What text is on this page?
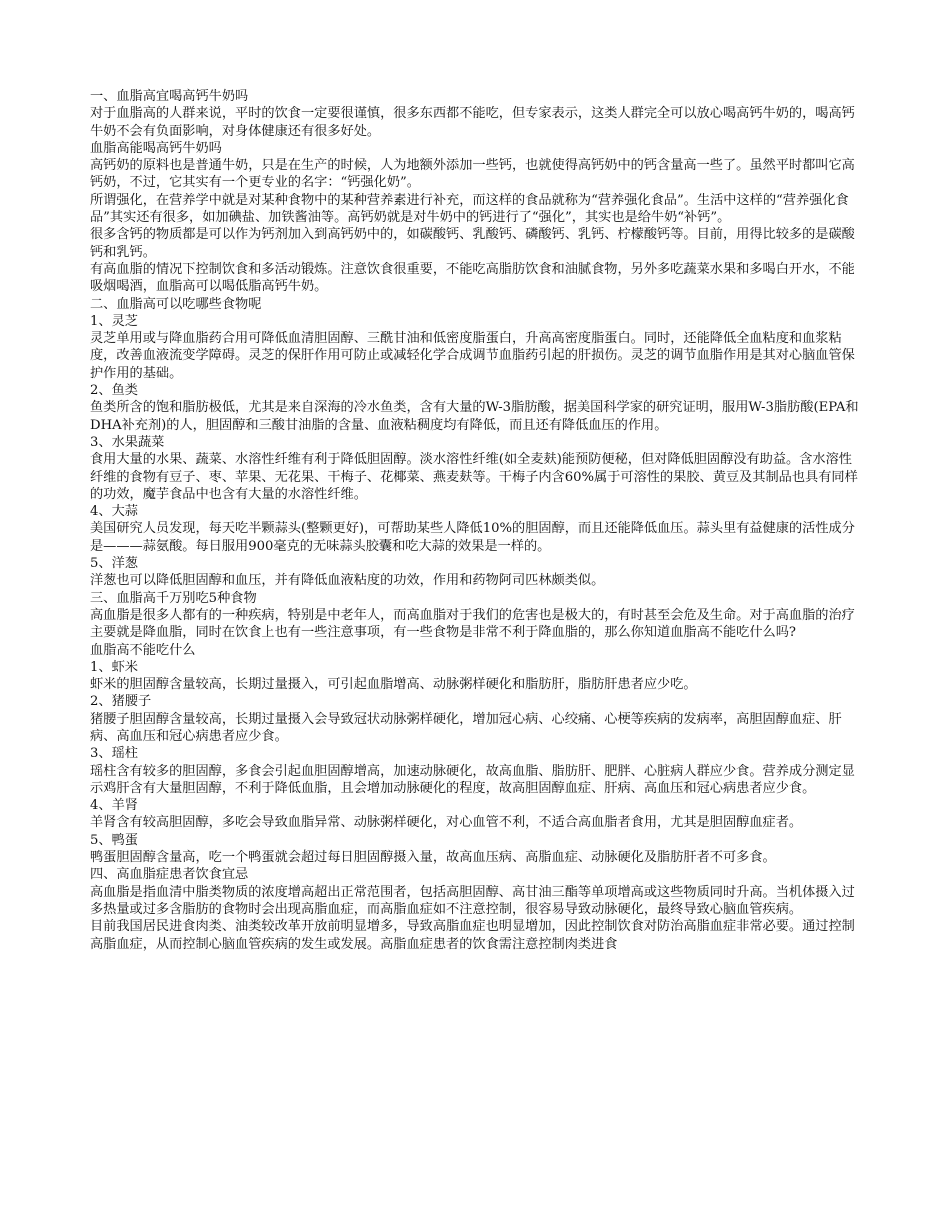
一、血脂高宜喝高钙牛奶吗

对于血脂高的人群来说，平时的饮食一定要很谨慎，很多东西都不能吃，但专家表示，这类人群完全可以放心喝高钙牛奶的，喝高钙牛奶不会有负面影响，对身体健康还有很多好处。

血脂高能喝高钙牛奶吗

高钙奶的原料也是普通牛奶，只是在生产的时候，人为地额外添加一些钙，也就使得高钙奶中的钙含量高一些了。虽然平时都叫它高钙奶，不过，它其实有一个更专业的名字：“钙强化奶”。

所谓强化，在营养学中就是对某种食物中的某种营养素进行补充，而这样的食品就称为“营养强化食品”。生活中这样的“营养强化食品”其实还有很多，如加碘盐、加铁酱油等。高钙奶就是对牛奶中的钙进行了“强化”，其实也是给牛奶“补钙”。

很多含钙的物质都是可以作为钙剂加入到高钙奶中的，如碳酸钙、乳酸钙、磷酸钙、乳钙、柠檬酸钙等。目前，用得比较多的是碳酸钙和乳钙。

有高血脂的情况下控制饮食和多活动锻炼。注意饮食很重要，不能吃高脂肪饮食和油腻食物，另外多吃蔬菜水果和多喝白开水，不能吸烟喝酒，血脂高可以喝低脂高钙牛奶。

二、血脂高可以吃哪些食物呢

1、灵芝

灵芝单用或与降血脂药合用可降低血清胆固醇、三酰甘油和低密度脂蛋白，升高高密度脂蛋白。同时，还能降低全血粘度和血浆粘度，改善血液流变学障碍。灵芝的保肝作用可防止或减轻化学合成调节血脂药引起的肝损伤。灵芝的调节血脂作用是其对心脑血管保护作用的基础。

2、鱼类

鱼类所含的饱和脂肪极低，尤其是来自深海的冷水鱼类，含有大量的W-3脂肪酸，据美国科学家的研究证明，服用W-3脂肪酸(EPA和DHA补充剂)的人，胆固醇和三酸甘油脂的含量、血液粘稠度均有降低，而且还有降低血压的作用。

3、水果蔬菜

食用大量的水果、蔬菜、水溶性纤维有利于降低胆固醇。淡水溶性纤维(如全麦麸)能预防便秘，但对降低胆固醇没有助益。含水溶性纤维的食物有豆子、枣、苹果、无花果、干梅子、花椰菜、燕麦麸等。干梅子内含60%属于可溶性的果胶、黄豆及其制品也具有同样的功效，魔芋食品中也含有大量的水溶性纤维。

4、大蒜

美国研究人员发现，每天吃半颗蒜头(整颗更好)，可帮助某些人降低10%的胆固醇，而且还能降低血压。蒜头里有益健康的活性成分是———蒜氨酸。每日服用900毫克的无味蒜头胶囊和吃大蒜的效果是一样的。

5、洋葱

洋葱也可以降低胆固醇和血压，并有降低血液粘度的功效，作用和药物阿司匹林颇类似。

三、血脂高千万别吃5种食物

高血脂是很多人都有的一种疾病，特别是中老年人，而高血脂对于我们的危害也是极大的，有时甚至会危及生命。对于高血脂的治疗主要就是降血脂，同时在饮食上也有一些注意事项，有一些食物是非常不利于降血脂的，那么你知道血脂高不能吃什么吗?

血脂高不能吃什么

1、虾米

虾米的胆固醇含量较高，长期过量摄入，可引起血脂增高、动脉粥样硬化和脂肪肝，脂肪肝患者应少吃。

2、猪腰子

猪腰子胆固醇含量较高，长期过量摄入会导致冠状动脉粥样硬化，增加冠心病、心绞痛、心梗等疾病的发病率，高胆固醇血症、肝病、高血压和冠心病患者应少食。

3、瑶柱

瑶柱含有较多的胆固醇，多食会引起血胆固醇增高，加速动脉硬化，故高血脂、脂肪肝、肥胖、心脏病人群应少食。营养成分测定显示鸡肝含有大量胆固醇，不利于降低血脂，且会增加动脉硬化的程度，故高胆固醇血症、肝病、高血压和冠心病患者应少食。

4、羊肾

羊肾含有较高胆固醇，多吃会导致血脂异常、动脉粥样硬化，对心血管不利，不适合高血脂者食用，尤其是胆固醇血症者。

5、鸭蛋

鸭蛋胆固醇含量高，吃一个鸭蛋就会超过每日胆固醇摄入量，故高血压病、高脂血症、动脉硬化及脂肪肝者不可多食。

四、高血脂症患者饮食宜忌

高血脂是指血清中脂类物质的浓度增高超出正常范围者，包括高胆固醇、高甘油三酯等单项增高或这些物质同时升高。当机体摄入过多热量或过多含脂肪的食物时会出现高脂血症，而高脂血症如不注意控制，很容易导致动脉硬化，最终导致心脑血管疾病。

目前我国居民进食肉类、油类较改革开放前明显增多，导致高脂血症也明显增加，因此控制饮食对防治高脂血症非常必要。通过控制高脂血症，从而控制心脑血管疾病的发生或发展。高脂血症患者的饮食需注意控制肉类进食
